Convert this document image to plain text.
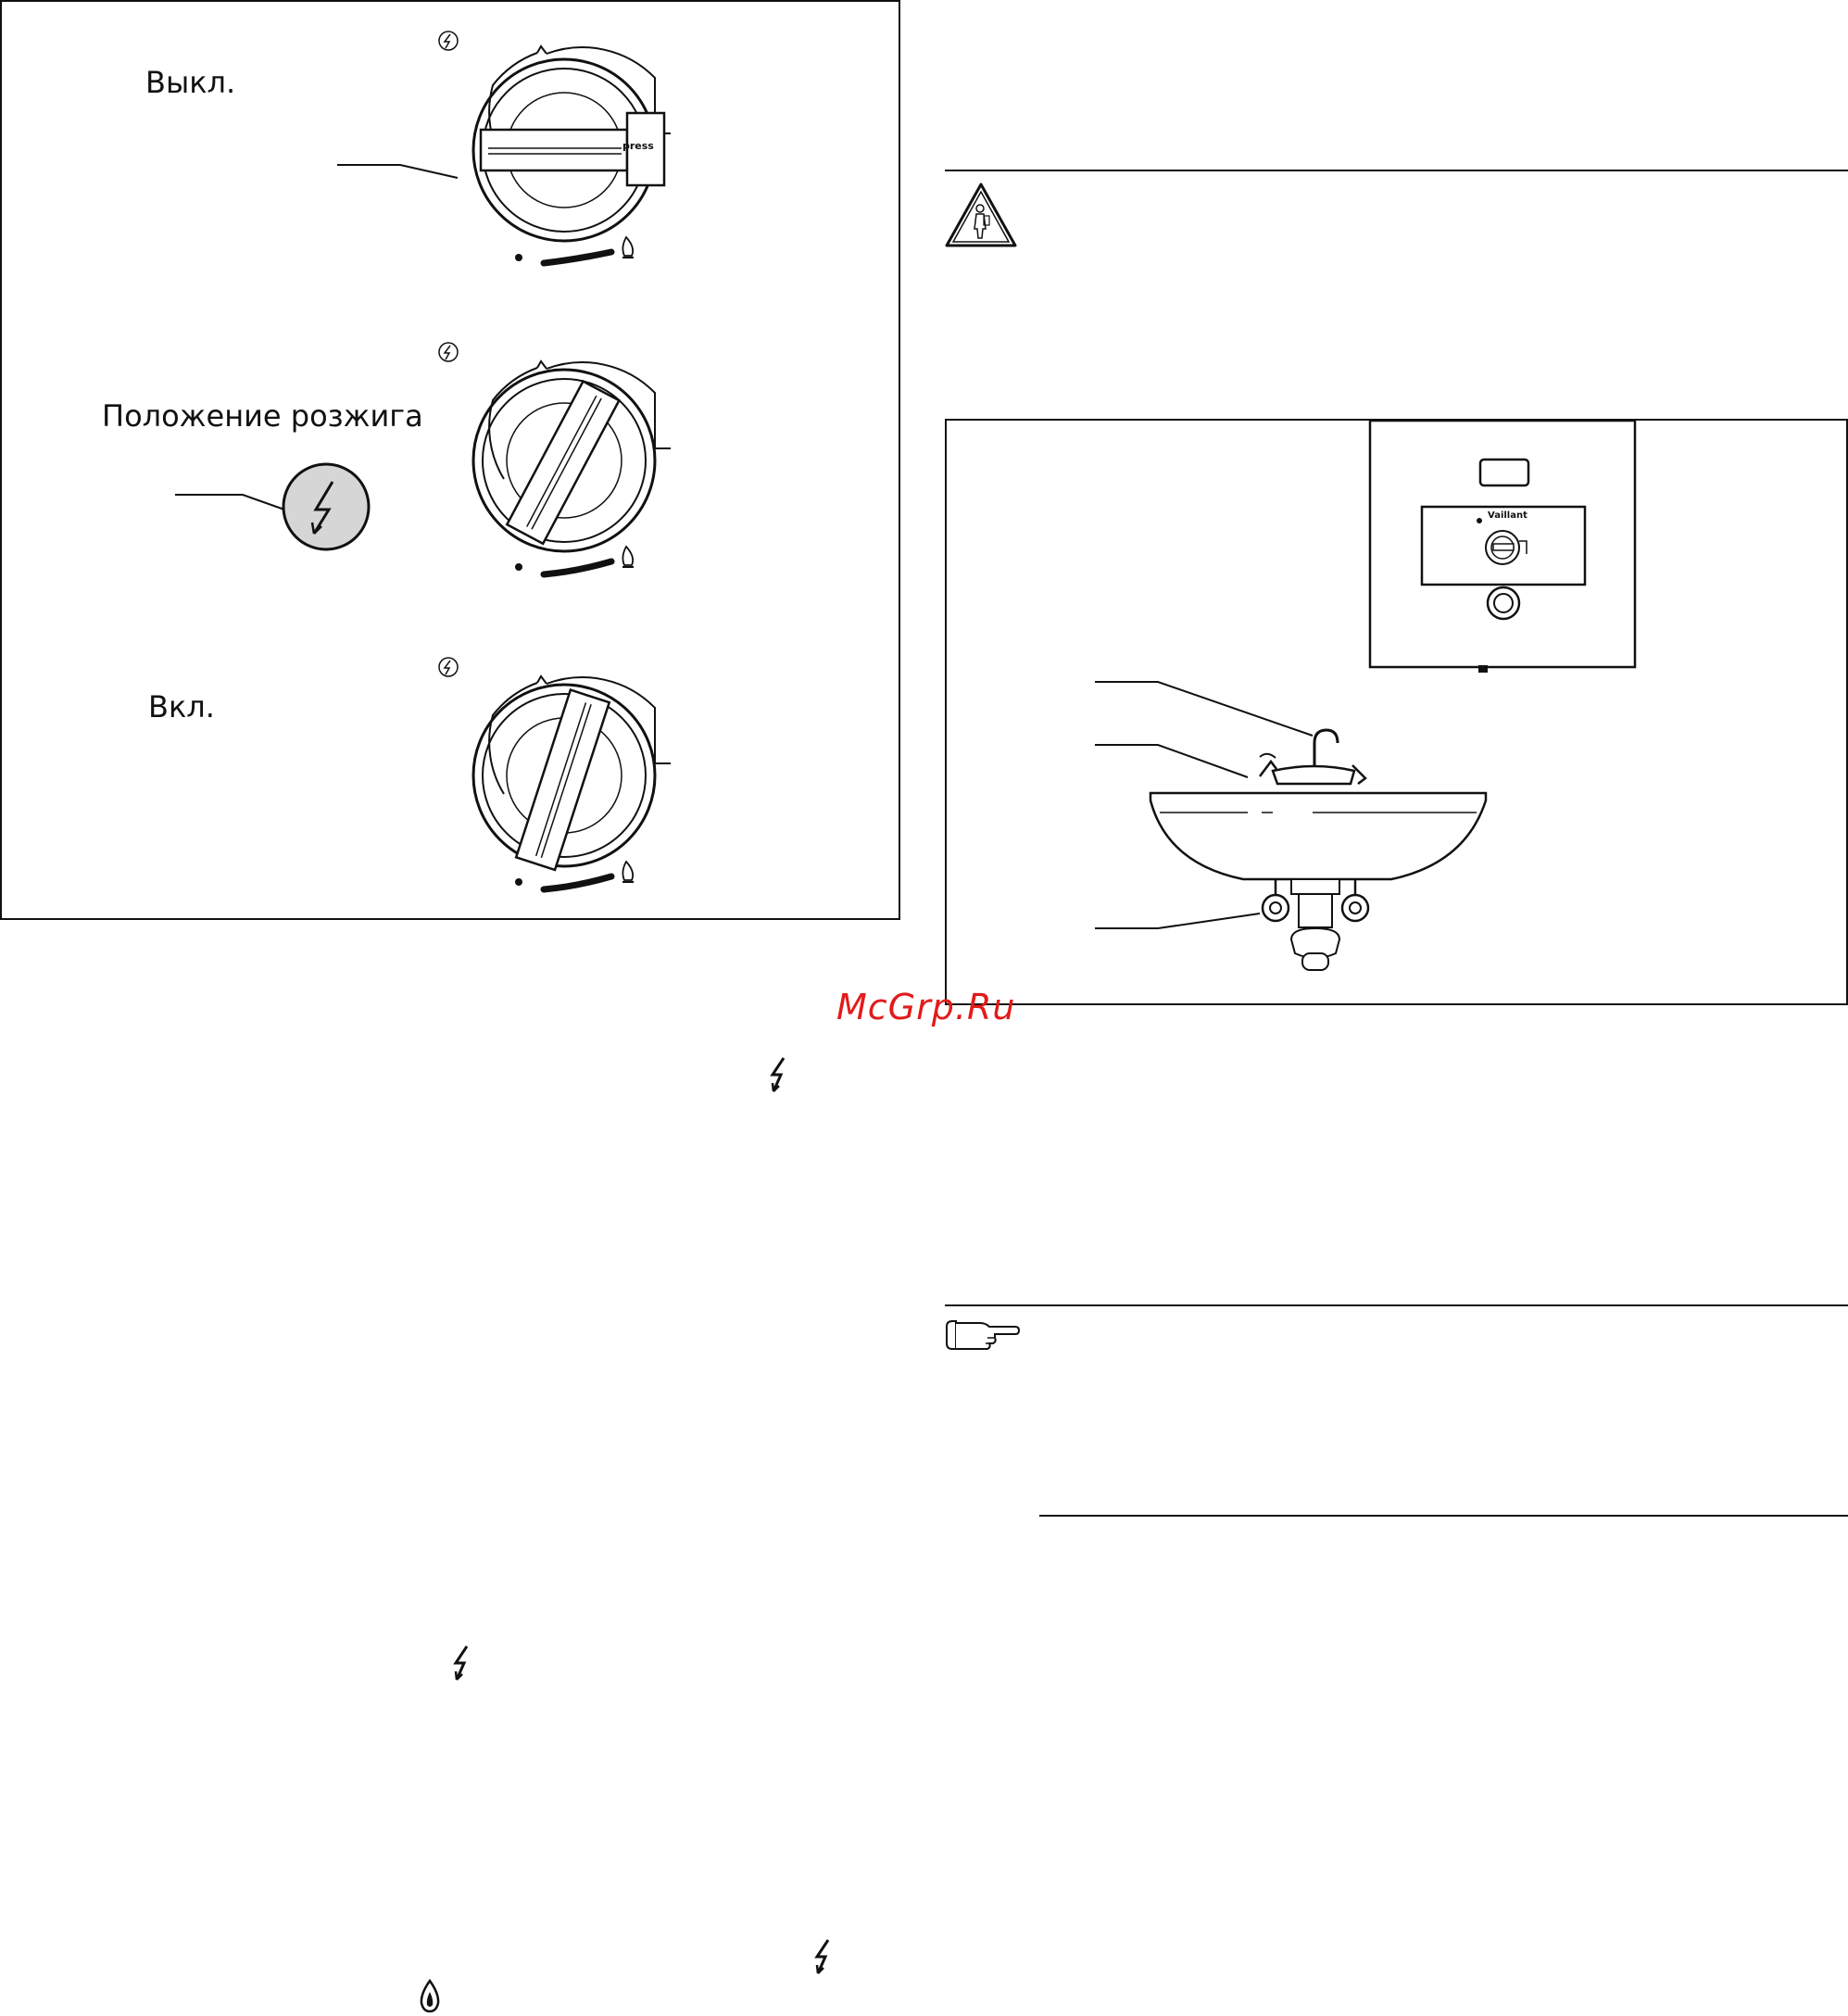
Выкл.
Положение розжига
Вкл.
press
Vaillant
McGrp.Ru
